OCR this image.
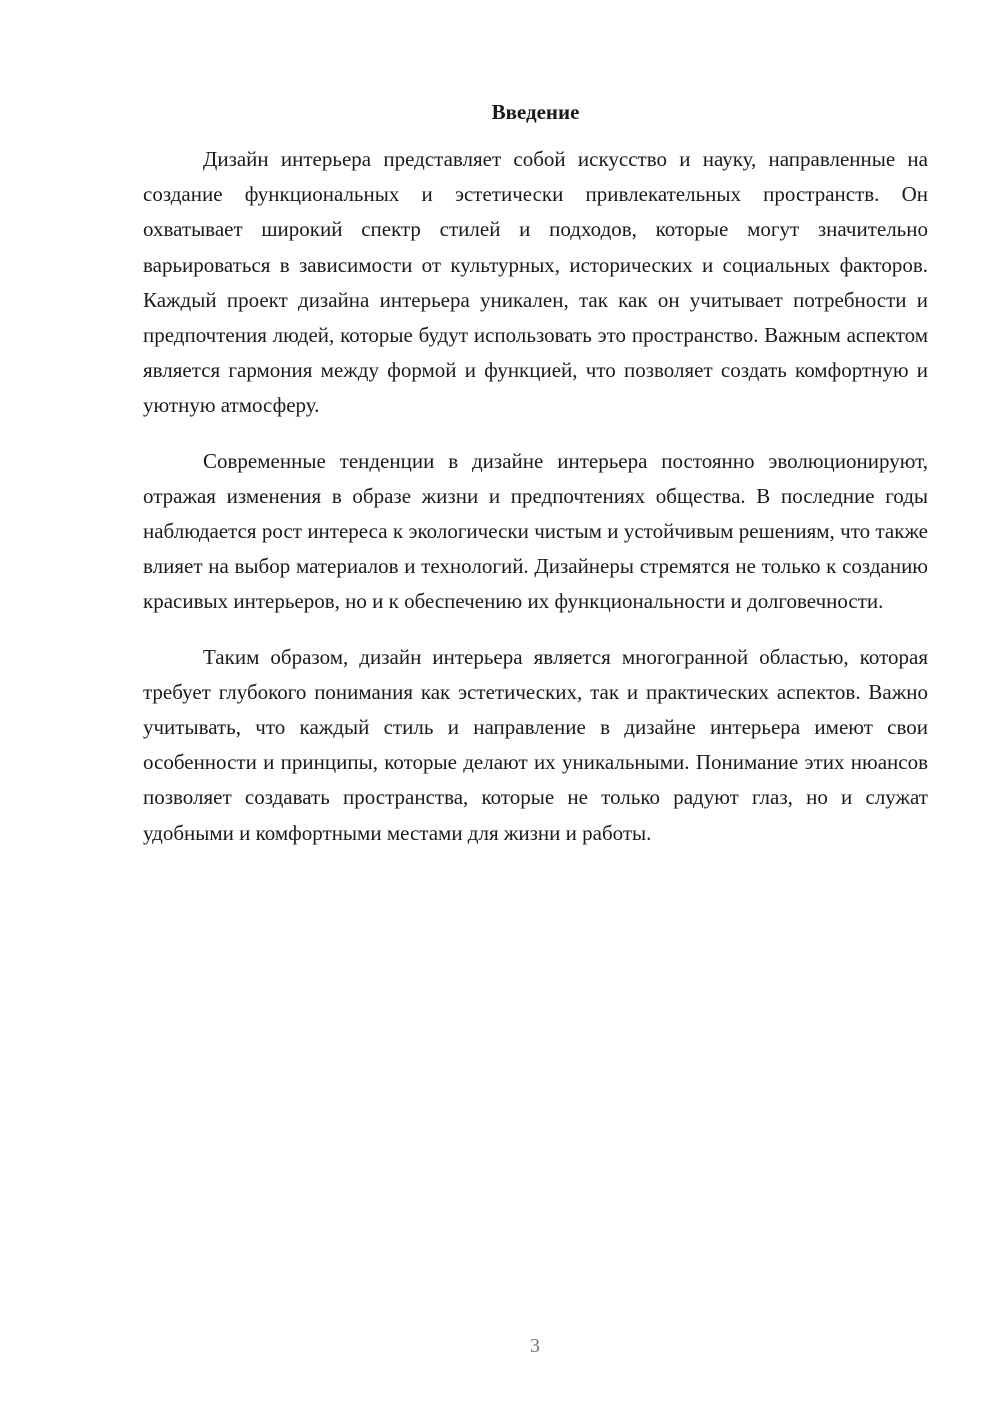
Введение

Дизайн интерьера представляет собой искусство и науку, направленные на создание функциональных и эстетически привлекательных пространств. Он охватывает широкий спектр стилей и подходов, которые могут значительно варьироваться в зависимости от культурных, исторических и социальных факторов. Каждый проект дизайна интерьера уникален, так как он учитывает потребности и предпочтения людей, которые будут использовать это пространство. Важным аспектом является гармония между формой и функцией, что позволяет создать комфортную и уютную атмосферу.

Современные тенденции в дизайне интерьера постоянно эволюционируют, отражая изменения в образе жизни и предпочтениях общества. В последние годы наблюдается рост интереса к экологически чистым и устойчивым решениям, что также влияет на выбор материалов и технологий. Дизайнеры стремятся не только к созданию красивых интерьеров, но и к обеспечению их функциональности и долговечности.

Таким образом, дизайн интерьера является многогранной областью, которая требует глубокого понимания как эстетических, так и практических аспектов. Важно учитывать, что каждый стиль и направление в дизайне интерьера имеют свои особенности и принципы, которые делают их уникальными. Понимание этих нюансов позволяет создавать пространства, которые не только радуют глаз, но и служат удобными и комфортными местами для жизни и работы.

3
